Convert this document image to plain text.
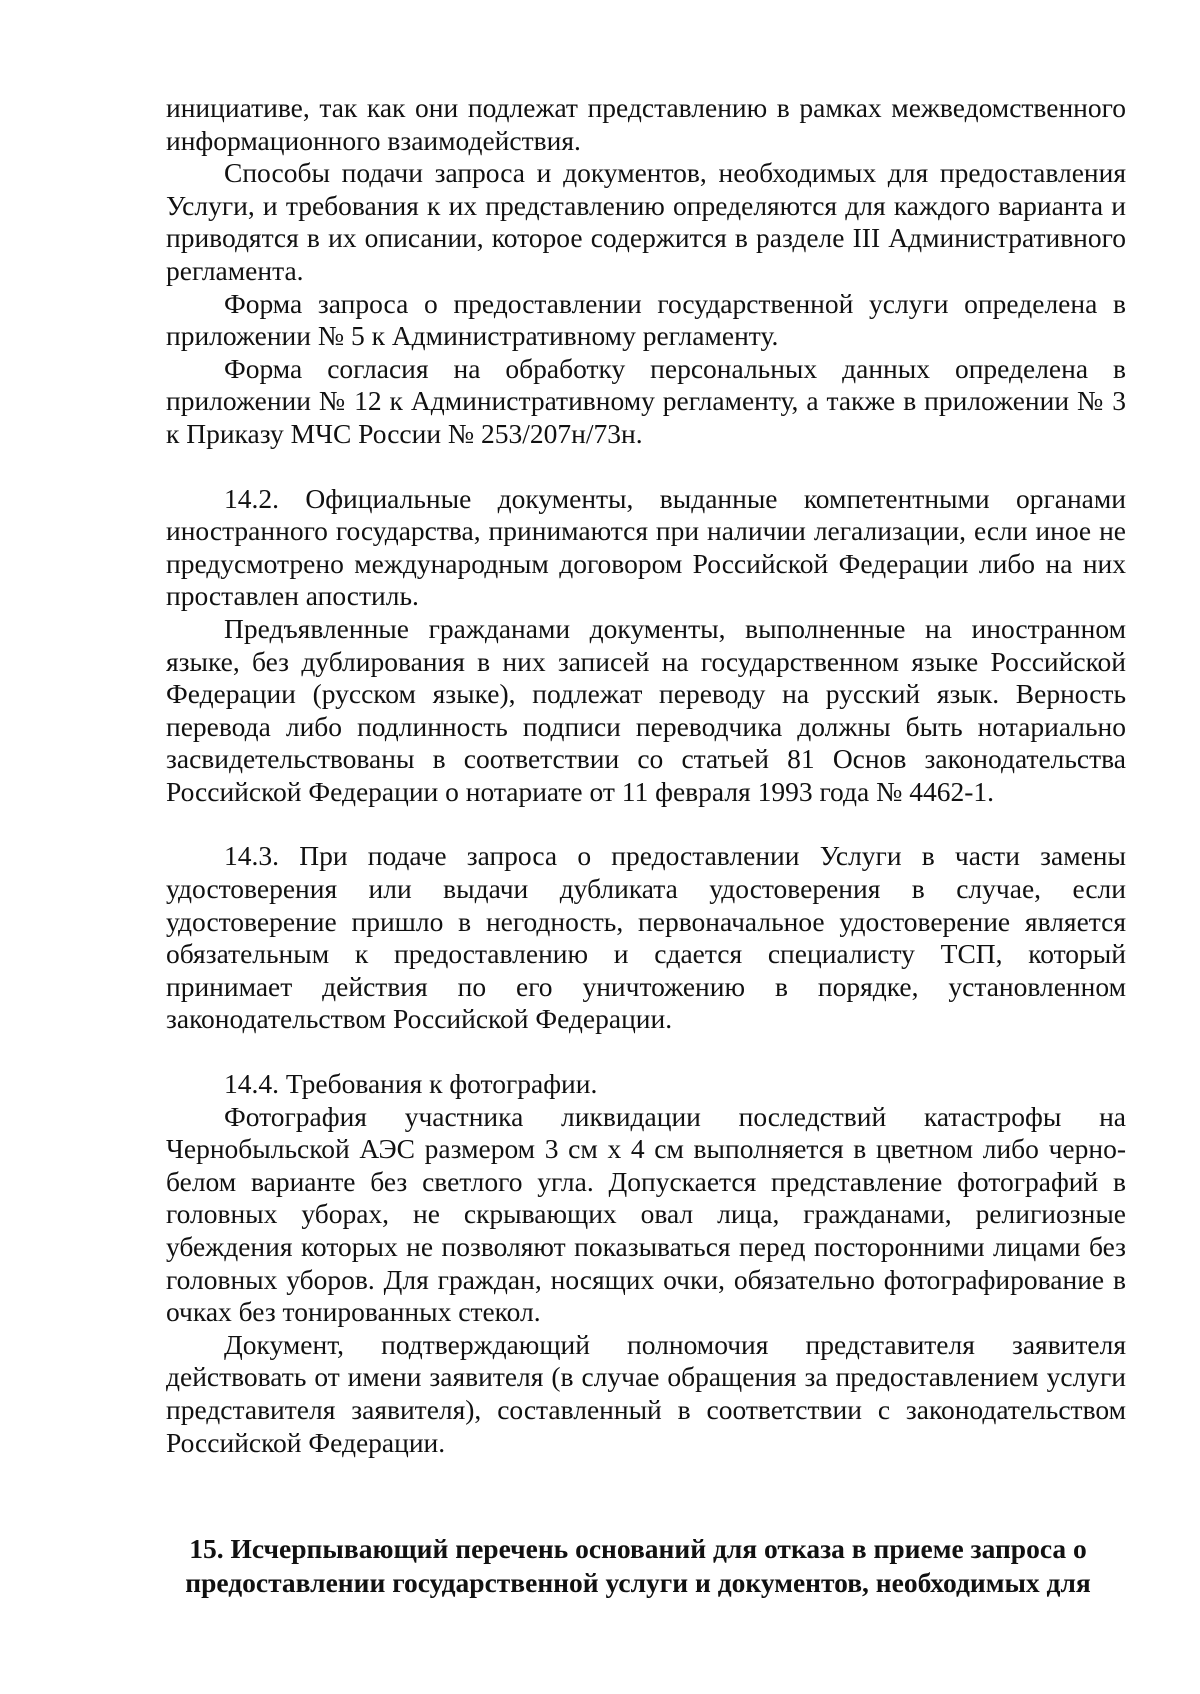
инициативе, так как они подлежат представлению в рамках межведомственного информационного взаимодействия.

Способы подачи запроса и документов, необходимых для предоставления Услуги, и требования к их представлению определяются для каждого варианта и приводятся в их описании, которое содержится в разделе III Административного регламента.

Форма запроса о предоставлении государственной услуги определена в приложении № 5 к Административному регламенту.

Форма согласия на обработку персональных данных определена в приложении № 12 к Административному регламенту, а также в приложении № 3 к Приказу МЧС России № 253/207н/73н.

14.2. Официальные документы, выданные компетентными органами иностранного государства, принимаются при наличии легализации, если иное не предусмотрено международным договором Российской Федерации либо на них проставлен апостиль.

Предъявленные гражданами документы, выполненные на иностранном языке, без дублирования в них записей на государственном языке Российской Федерации (русском языке), подлежат переводу на русский язык. Верность перевода либо подлинность подписи переводчика должны быть нотариально засвидетельствованы в соответствии со статьей 81 Основ законодательства Российской Федерации о нотариате от 11 февраля 1993 года № 4462-1.

14.3. При подаче запроса о предоставлении Услуги в части замены удостоверения или выдачи дубликата удостоверения в случае, если удостоверение пришло в негодность, первоначальное удостоверение является обязательным к предоставлению и сдается специалисту ТСП, который принимает действия по его уничтожению в порядке, установленном законодательством Российской Федерации.

14.4. Требования к фотографии.

Фотография участника ликвидации последствий катастрофы на Чернобыльской АЭС размером 3 см х 4 см выполняется в цветном либо черно-белом варианте без светлого угла. Допускается представление фотографий в головных уборах, не скрывающих овал лица, гражданами, религиозные убеждения которых не позволяют показываться перед посторонними лицами без головных уборов. Для граждан, носящих очки, обязательно фотографирование в очках без тонированных стекол.

Документ, подтверждающий полномочия представителя заявителя действовать от имени заявителя (в случае обращения за предоставлением услуги представителя заявителя), составленный в соответствии с законодательством Российской Федерации.

15. Исчерпывающий перечень оснований для отказа в приеме запроса о
предоставлении государственной услуги и документов, необходимых для
